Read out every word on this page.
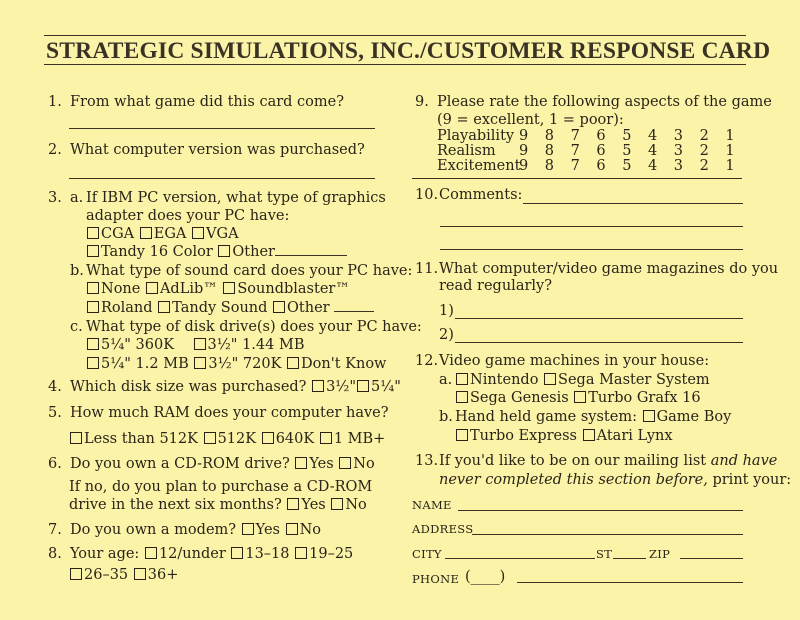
STRATEGIC SIMULATIONS, INC./CUSTOMER RESPONSE CARD
1. From what game did this card come?
2. What computer version was purchased?
3. a. If IBM PC version, what type of graphics
adapter does your PC have:
CGA EGA VGA
Tandy 16 Color Other
b. What type of sound card does your PC have:
None AdLib™ Soundblaster™
Roland Tandy Sound Other
c. What type of disk drive(s) does your PC have:
5¼" 360K 3½" 1.44 MB
5¼" 1.2 MB 3½" 720K Don't Know
4. Which disk size was purchased? 3½" 5¼"
5. How much RAM does your computer have?
Less than 512K 512K 640K 1 MB+
6. Do you own a CD-ROM drive? Yes No
If no, do you plan to purchase a CD-ROM
drive in the next six months? Yes No
7. Do you own a modem? Yes No
8. Your age: 12/under 13–18 19–25
26–35 36+
9. Please rate the following aspects of the game
(9 = excellent, 1 = poor):
Playability 9 8 7 6 5 4 3 2 1
Realism 9 8 7 6 5 4 3 2 1
Excitement9 8 7 6 5 4 3 2 1
10.Comments:
11.What computer/video game magazines do you
read regularly?
1)
2)
12.Video game machines in your house:
a. Nintendo Sega Master System
Sega Genesis Turbo Grafx 16
b. Hand held game system: Game Boy
Turbo Express Atari Lynx
13.If you'd like to be on our mailing list and have
never completed this section before, print your:
NAME
ADDRESS
CITY	ST	ZIP
PHONE (____)
